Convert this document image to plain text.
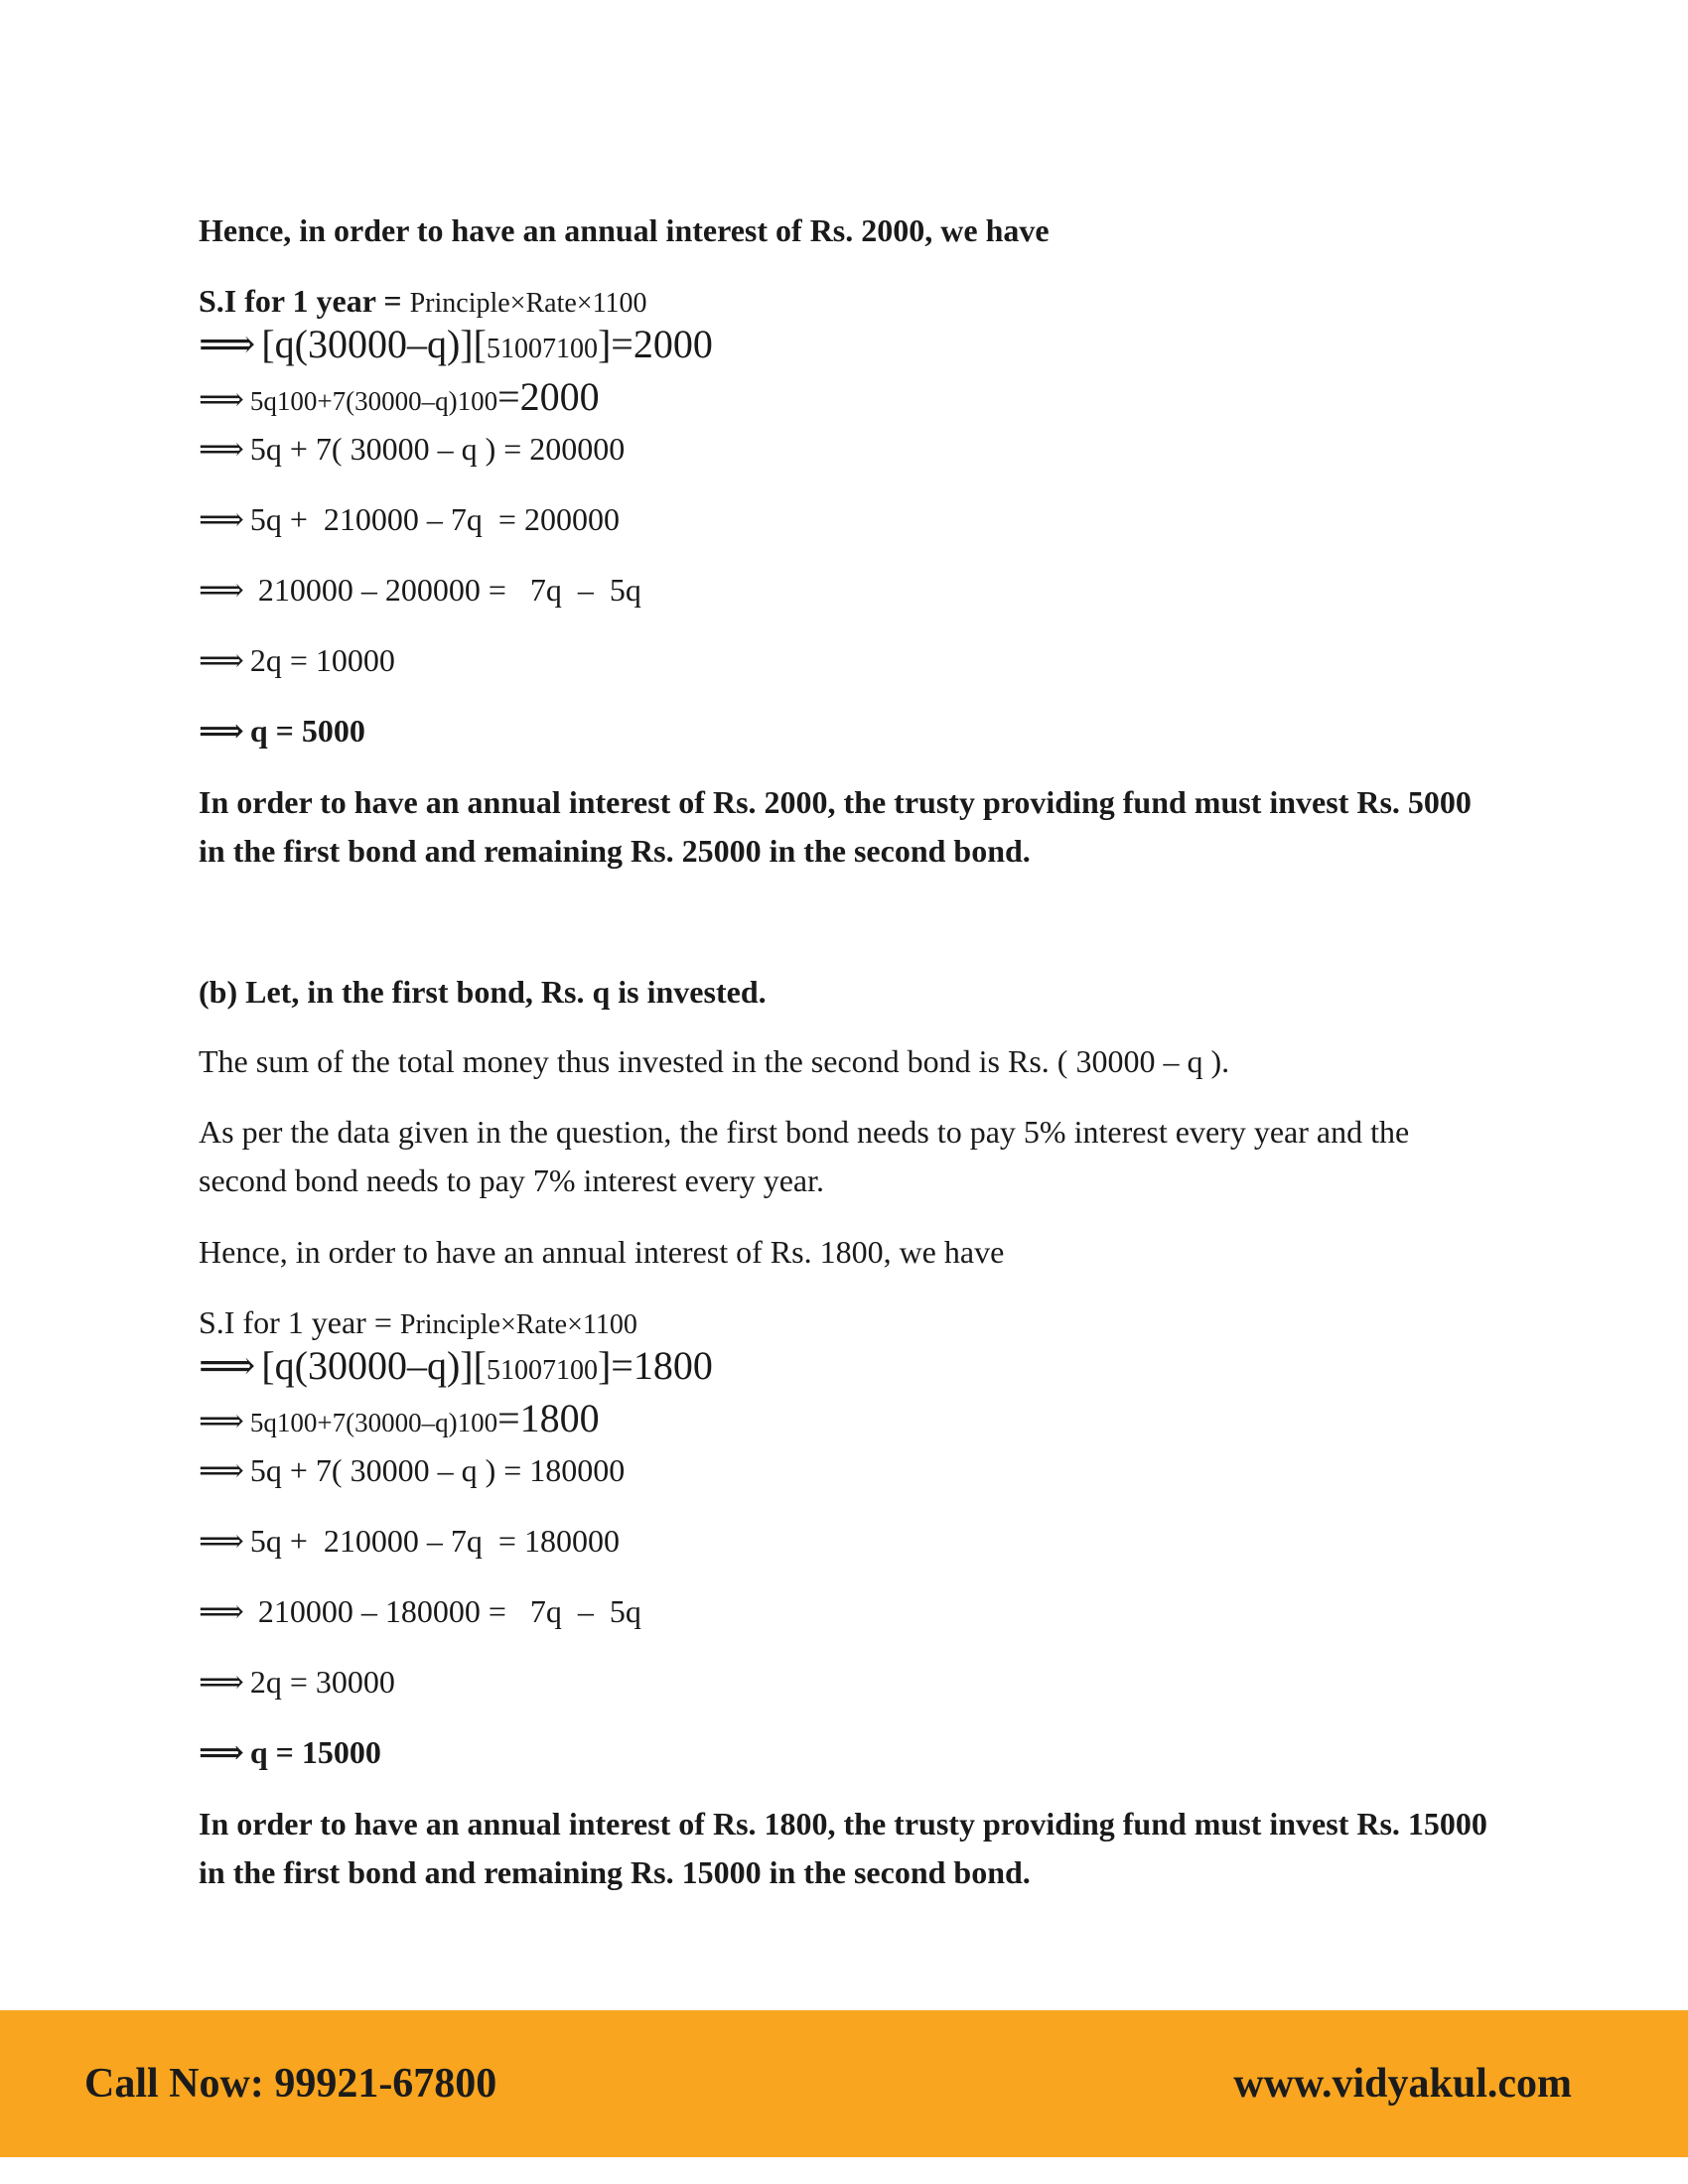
Hence, in order to have an annual interest of Rs. 2000, we have
S.I for 1 year = Principle×Rate×1100
⟹ [q(30000–q)][51007100]=2000
⟹ 5q100+7(30000–q)100=2000
⟹ 5q + 7( 30000 – q ) = 200000
⟹ 5q +  210000 – 7q  = 200000
⟹ 210000 – 200000 =   7q  –  5q
⟹ 2q = 10000
⟹ q = 5000
In order to have an annual interest of Rs. 2000, the trusty providing fund must invest Rs. 5000 in the first bond and remaining Rs. 25000 in the second bond.
(b) Let, in the first bond, Rs. q is invested.
The sum of the total money thus invested in the second bond is Rs. ( 30000 – q ).
As per the data given in the question, the first bond needs to pay 5% interest every year and the second bond needs to pay 7% interest every year.
Hence, in order to have an annual interest of Rs. 1800, we have
S.I for 1 year = Principle×Rate×1100
⟹ [q(30000–q)][51007100]=1800
⟹ 5q100+7(30000–q)100=1800
⟹ 5q + 7( 30000 – q ) = 180000
⟹ 5q +  210000 – 7q  = 180000
⟹ 210000 – 180000 =   7q  –  5q
⟹ 2q = 30000
⟹ q = 15000
In order to have an annual interest of Rs. 1800, the trusty providing fund must invest Rs. 15000 in the first bond and remaining Rs. 15000 in the second bond.
Call Now: 99921-67800	www.vidyakul.com
